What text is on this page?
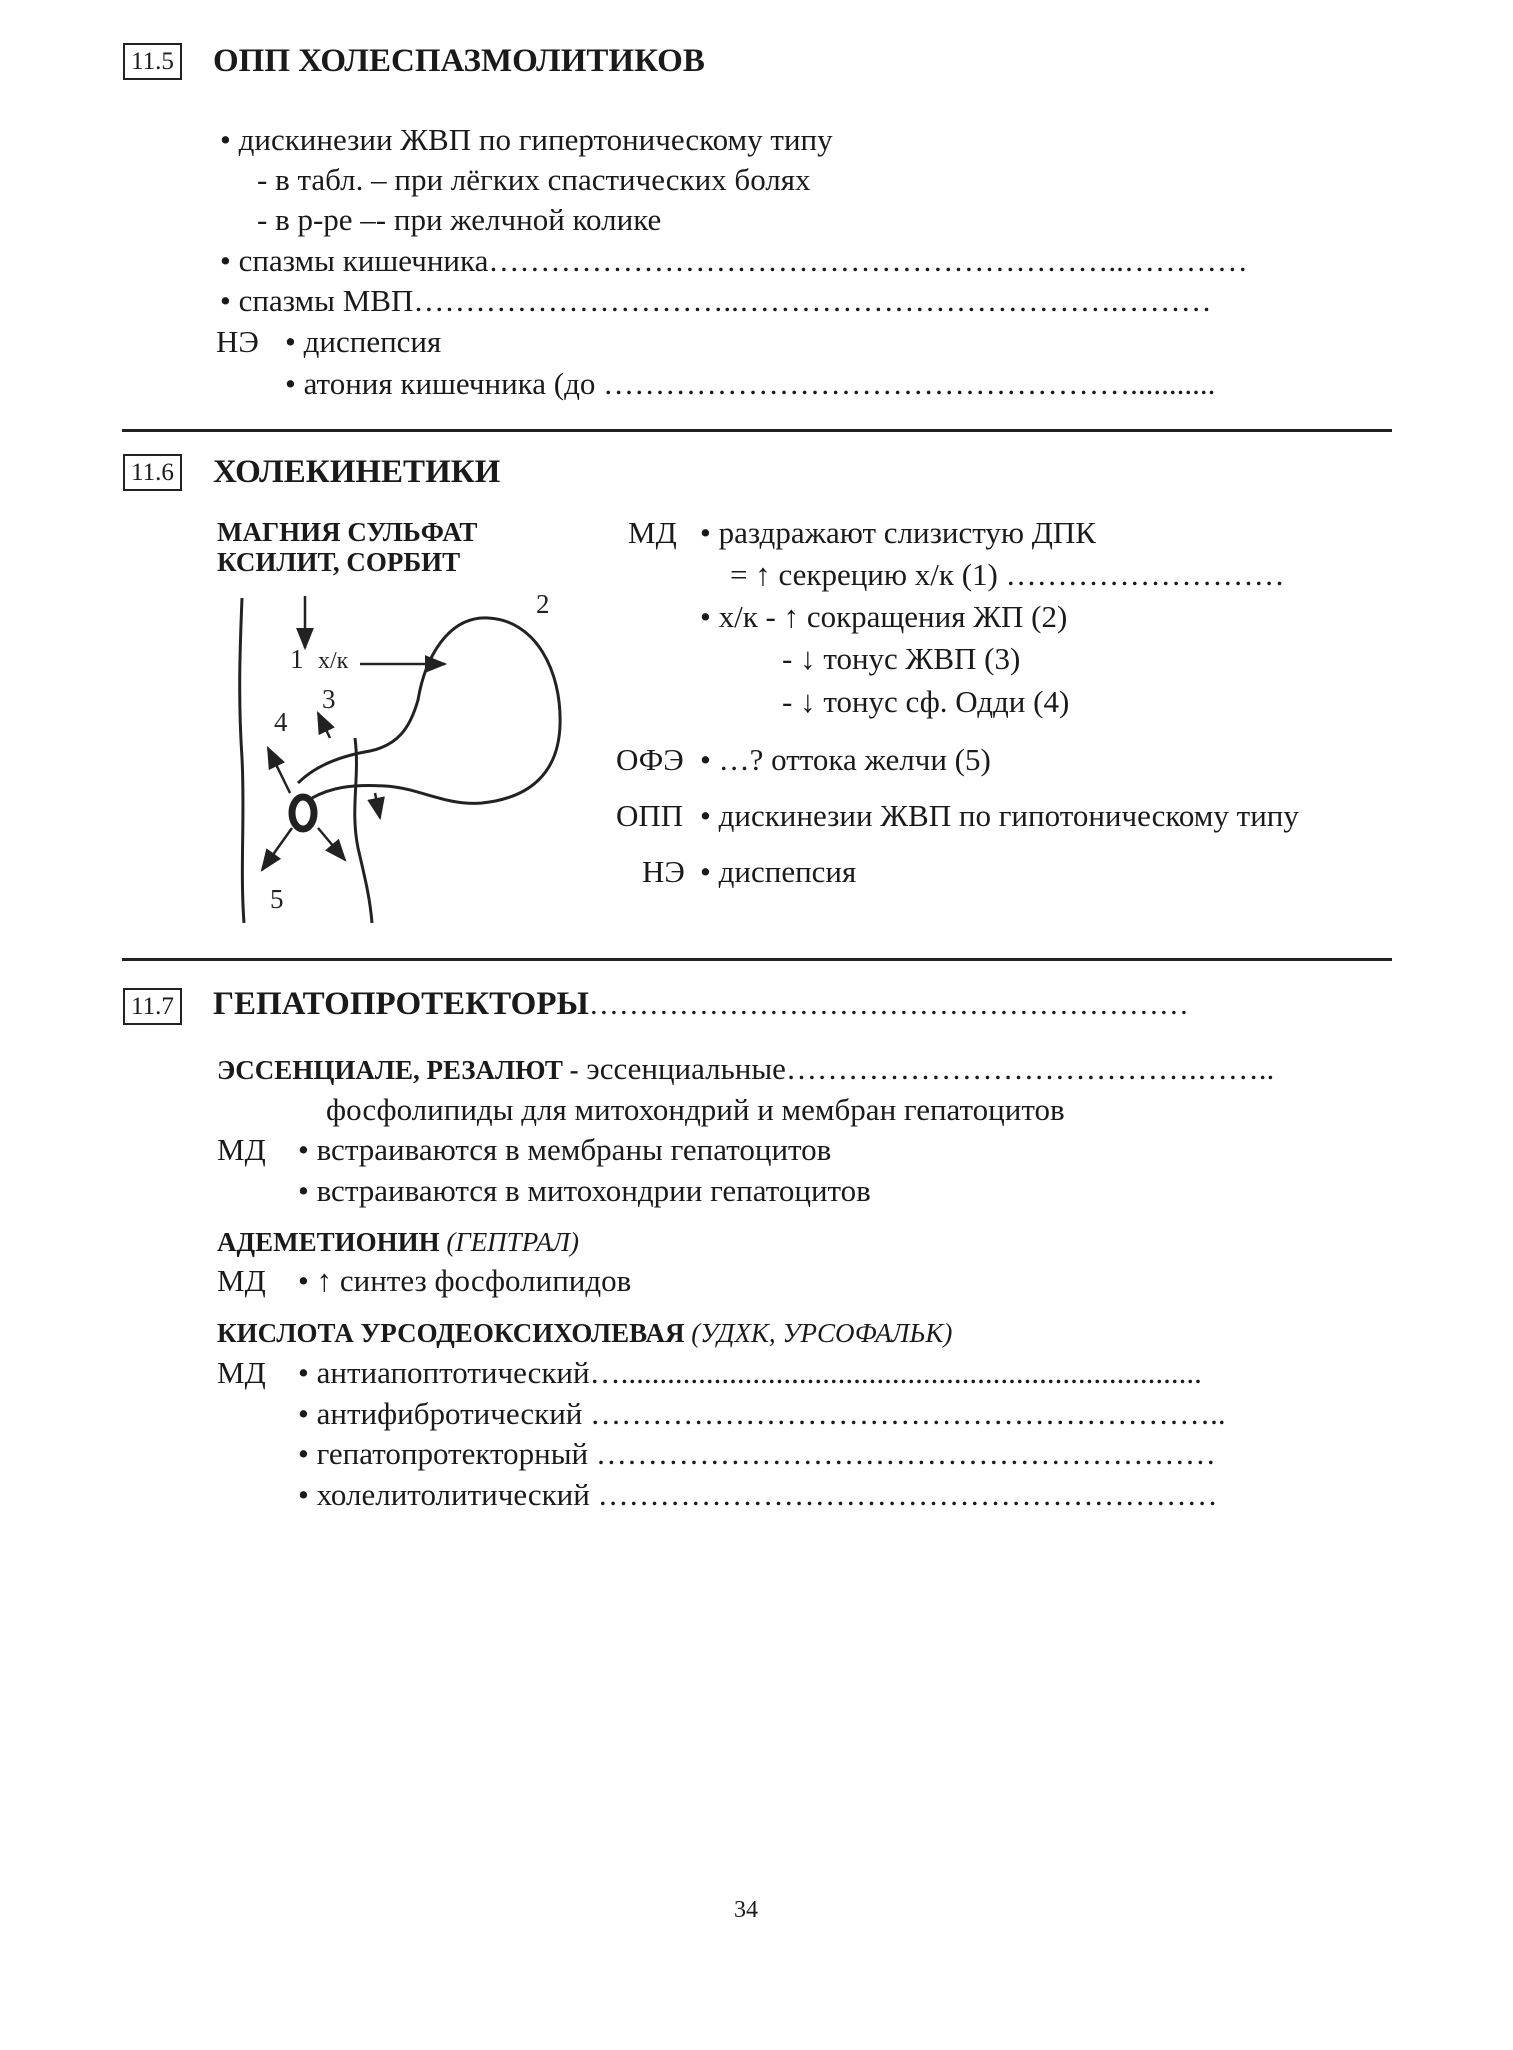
11.5 ОПП ХОЛЕСПАЗМОЛИТИКОВ
• дискинезии ЖВП по гипертоническому типу
- в табл. – при лёгких спастических болях
- в р-ре –- при желчной колике
• спазмы кишечника……………………………………………………..…………
• спазмы МВП…………………………..……………………………….………
НЭ • диспепсия
• атония кишечника (до ……………………………………………...........
11.6 ХОЛЕКИНЕТИКИ
МАГНИЯ СУЛЬФАТ
КСИЛИТ, СОРБИТ
1 х/к
2
3
4
5
МД • раздражают слизистую ДПК
= ↑ секрецию х/к (1) ………………………
• х/к - ↑ сокращения ЖП (2)
- ↓ тонус ЖВП (3)
- ↓ тонус сф. Одди (4)
ОФЭ • …? оттока желчи (5)
ОПП • дискинезии ЖВП по гипотоническому типу
НЭ • диспепсия
11.7 ГЕПАТОПРОТЕКТОРЫ……………………………………………………
ЭССЕНЦИАЛЕ, РЕЗАЛЮТ - эссенциальные………………………………….……..
фосфолипиды для митохондрий и мембран гепатоцитов
МД • встраиваются в мембраны гепатоцитов
• встраиваются в митохондрии гепатоцитов
АДЕМЕТИОНИН (ГЕПТРАЛ)
МД • ↑ синтез фосфолипидов
КИСЛОТА УРСОДЕОКСИХОЛЕВАЯ (УДХК, УРСОФАЛЬК)
МД • антиапоптотический…...........................................................................
• антифибротический ……………………………………………………..
• гепатопротекторный ……………………………………………………
• холелитолитический ……………………………………………………
34
